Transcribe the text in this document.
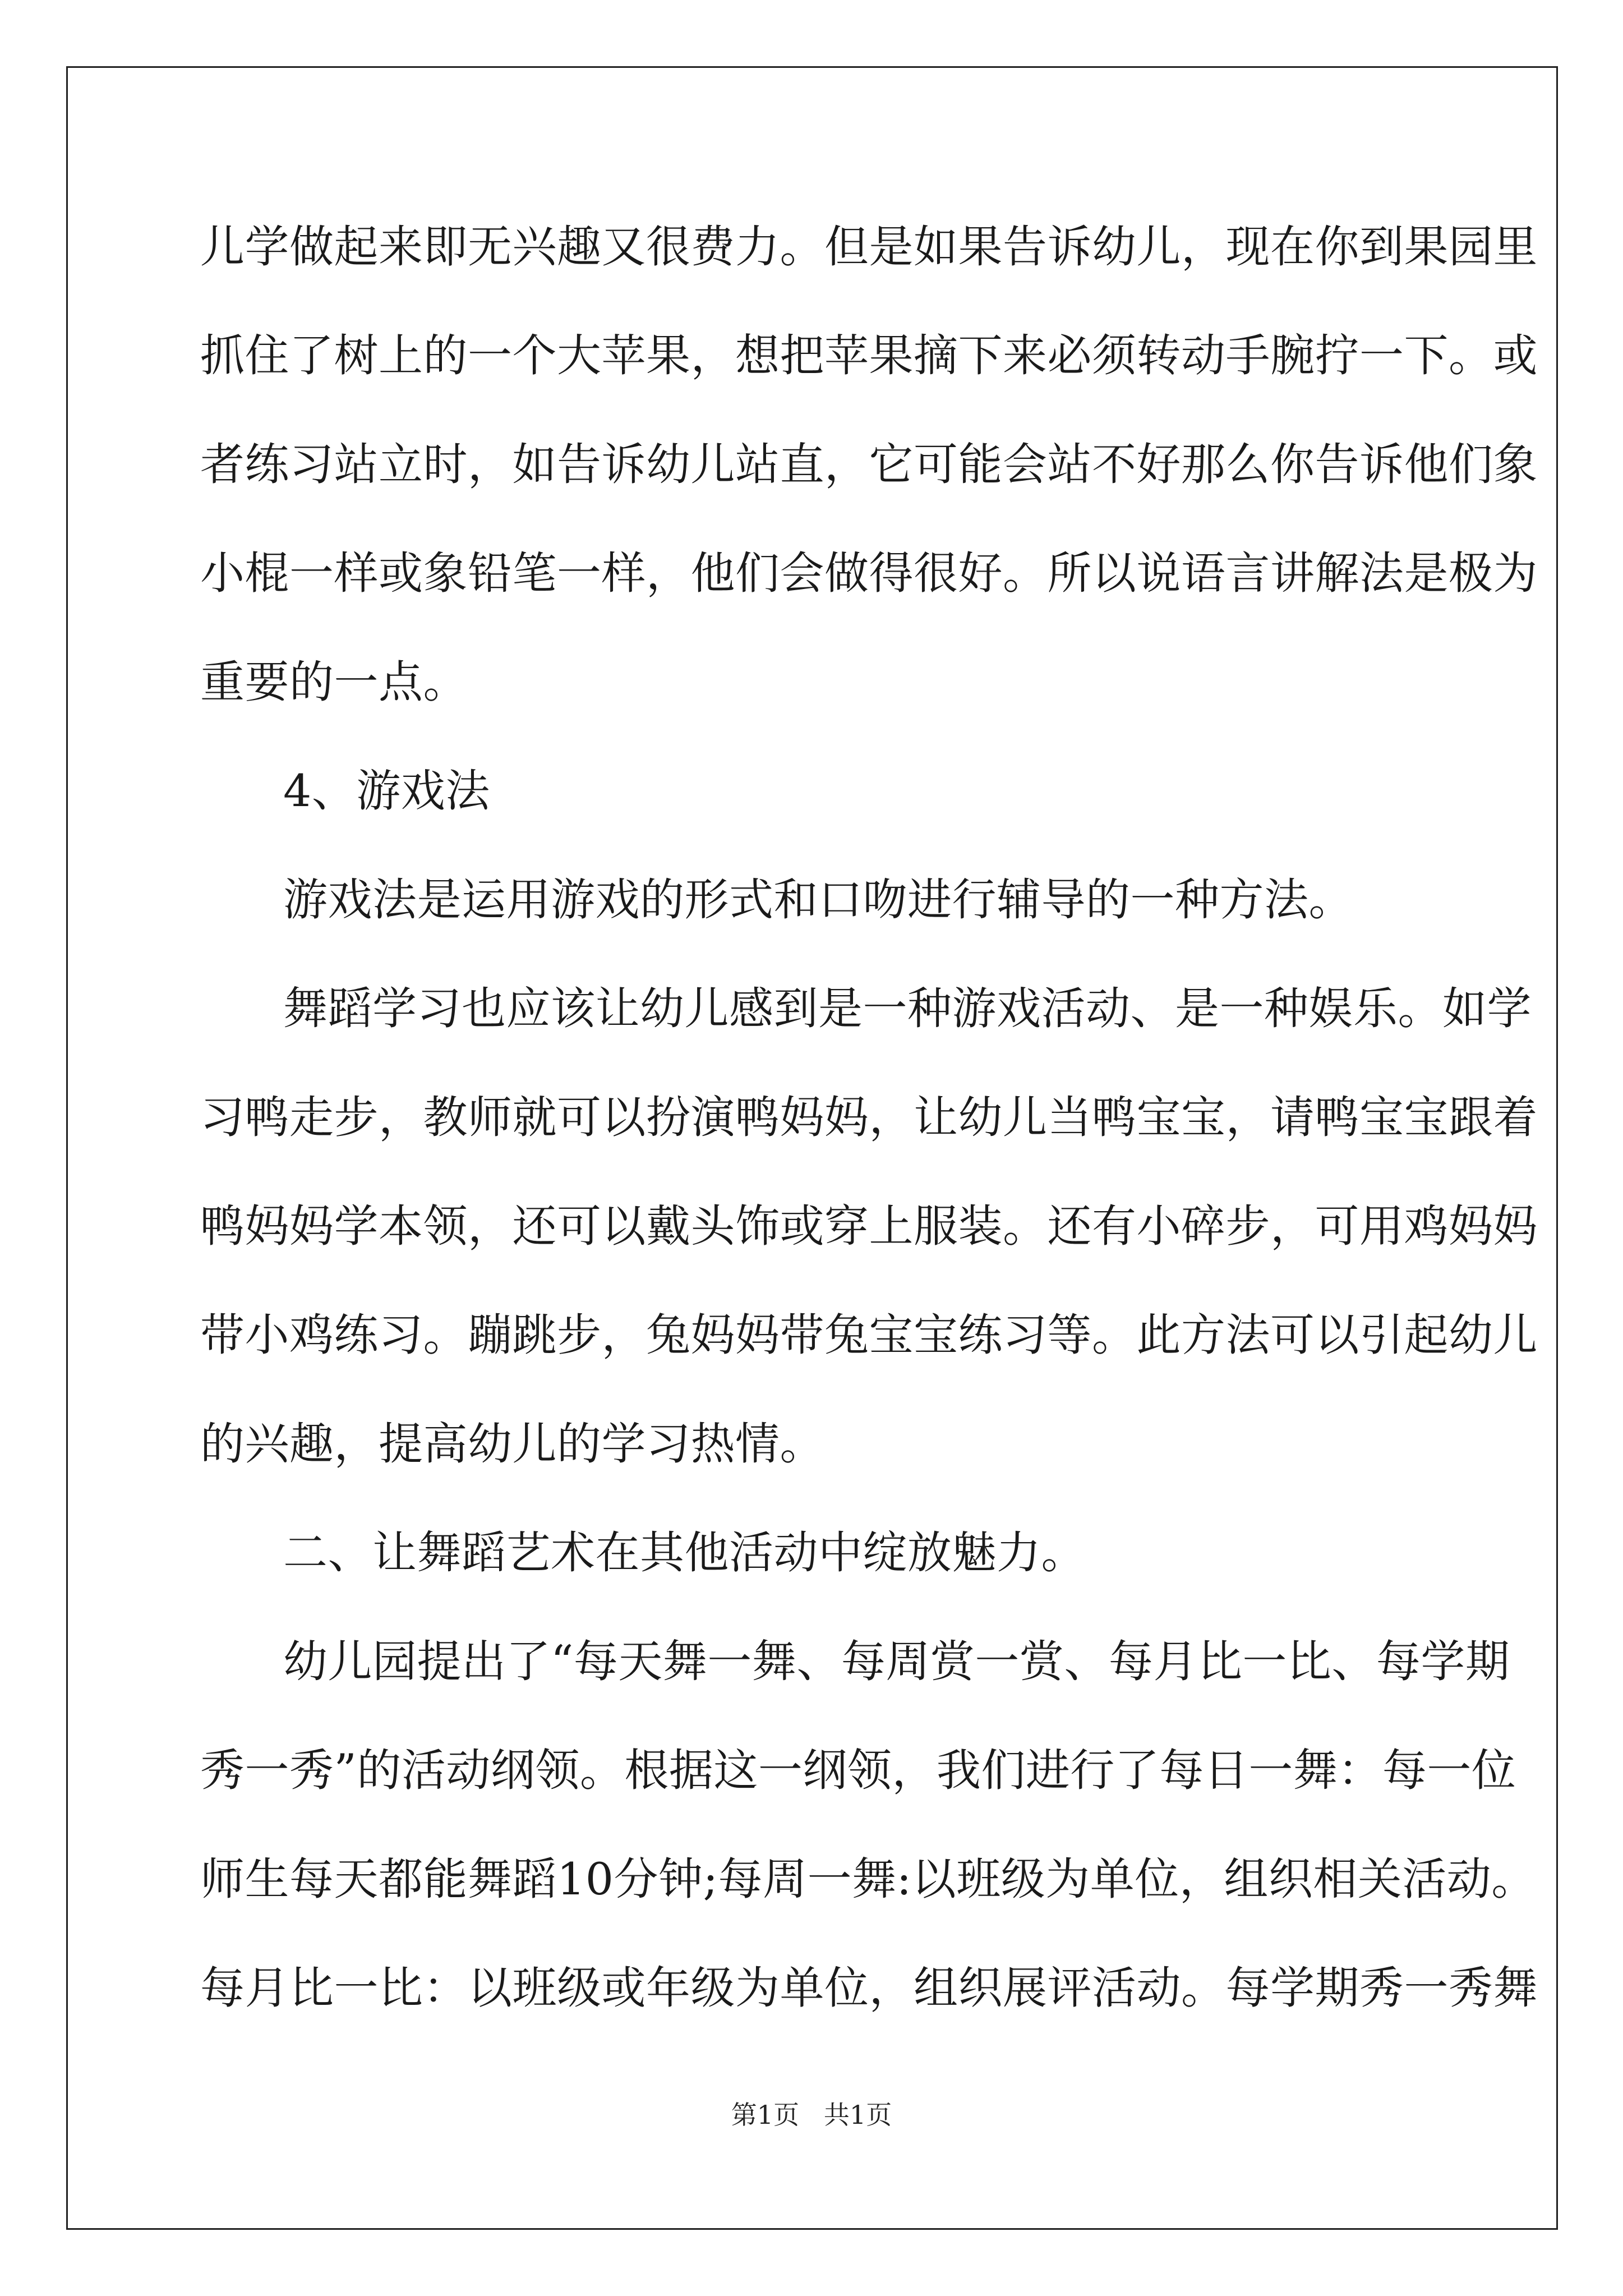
儿学做起来即无兴趣又很费力。但是如果告诉幼儿，现在你到果园里
抓住了树上的一个大苹果，想把苹果摘下来必须转动手腕拧一下。或
者练习站立时，如告诉幼儿站直，它可能会站不好那么你告诉他们象
小棍一样或象铅笔一样，他们会做得很好。所以说语言讲解法是极为
重要的一点。
4、游戏法
游戏法是运用游戏的形式和口吻进行辅导的一种方法。
舞蹈学习也应该让幼儿感到是一种游戏活动、是一种娱乐。如学
习鸭走步，教师就可以扮演鸭妈妈，让幼儿当鸭宝宝，请鸭宝宝跟着
鸭妈妈学本领，还可以戴头饰或穿上服装。还有小碎步，可用鸡妈妈
带小鸡练习。蹦跳步，兔妈妈带兔宝宝练习等。此方法可以引起幼儿
的兴趣，提高幼儿的学习热情。
二、让舞蹈艺术在其他活动中绽放魅力。
幼儿园提出了“每天舞一舞、每周赏一赏、每月比一比、每学期
秀一秀”的活动纲领。根据这一纲领，我们进行了每日一舞：每一位
师生每天都能舞蹈10分钟;每周一舞:以班级为单位，组织相关活动。
每月比一比：以班级或年级为单位，组织展评活动。每学期秀一秀舞
第1页   共1页
